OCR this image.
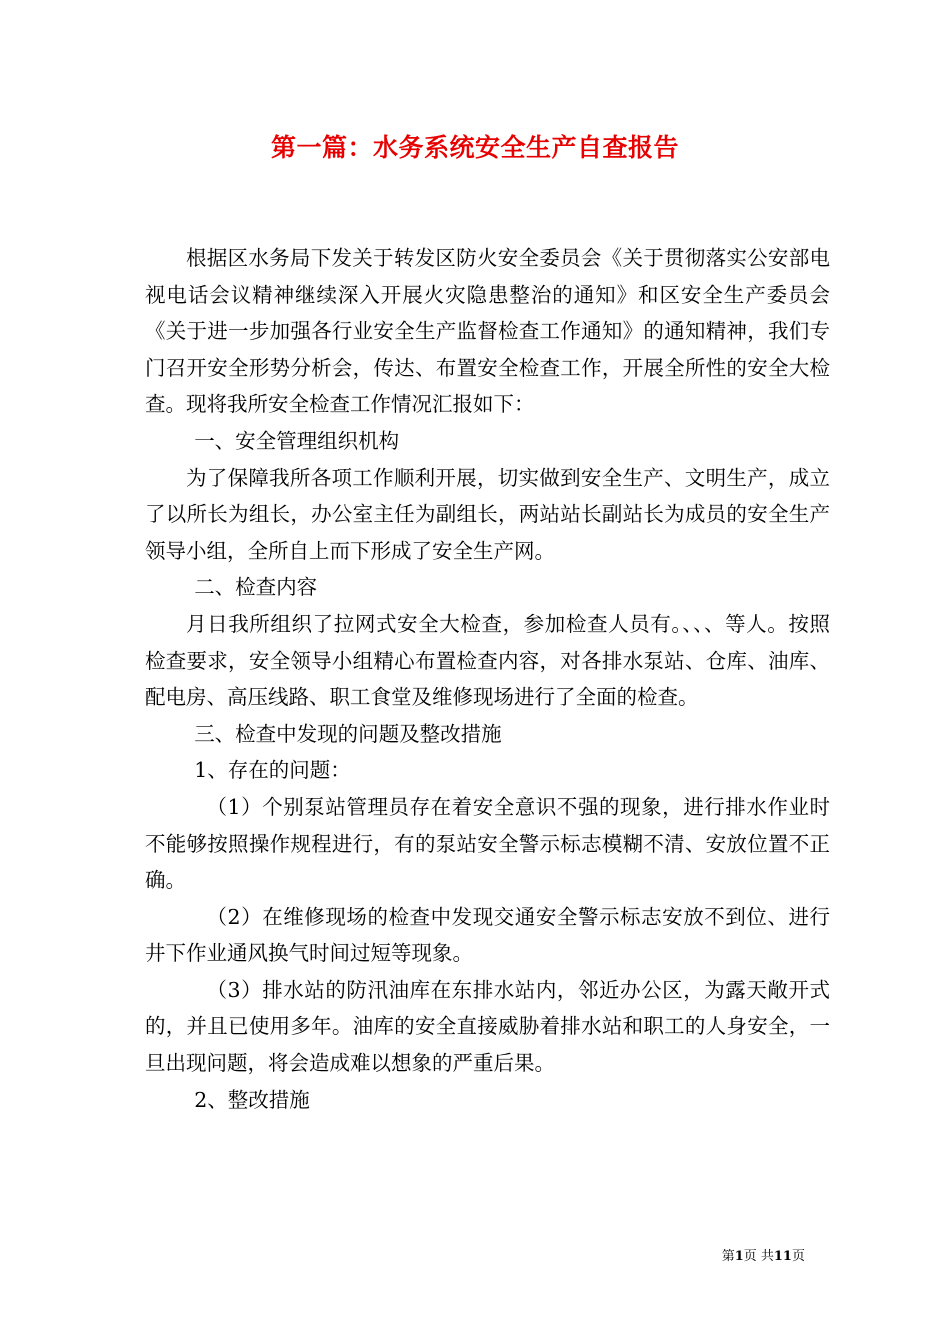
第一篇：水务系统安全生产自查报告

根据区水务局下发关于转发区防火安全委员会《关于贯彻落实公安部电视电话会议精神继续深入开展火灾隐患整治的通知》和区安全生产委员会《关于进一步加强各行业安全生产监督检查工作通知》的通知精神，我们专门召开安全形势分析会，传达、布置安全检查工作，开展全所性的安全大检查。现将我所安全检查工作情况汇报如下：

一、安全管理组织机构

为了保障我所各项工作顺利开展，切实做到安全生产、文明生产，成立了以所长为组长，办公室主任为副组长，两站站长副站长为成员的安全生产领导小组，全所自上而下形成了安全生产网。

二、检查内容

月日我所组织了拉网式安全大检查，参加检查人员有。、、、等人。按照检查要求，安全领导小组精心布置检查内容，对各排水泵站、仓库、油库、配电房、高压线路、职工食堂及维修现场进行了全面的检查。

三、检查中发现的问题及整改措施

1、存在的问题：

（1）个别泵站管理员存在着安全意识不强的现象，进行排水作业时不能够按照操作规程进行，有的泵站安全警示标志模糊不清、安放位置不正确。

（2）在维修现场的检查中发现交通安全警示标志安放不到位、进行井下作业通风换气时间过短等现象。

（3）排水站的防汛油库在东排水站内，邻近办公区，为露天敞开式的，并且已使用多年。油库的安全直接威胁着排水站和职工的人身安全，一旦出现问题，将会造成难以想象的严重后果。

2、整改措施

第1页 共11页
